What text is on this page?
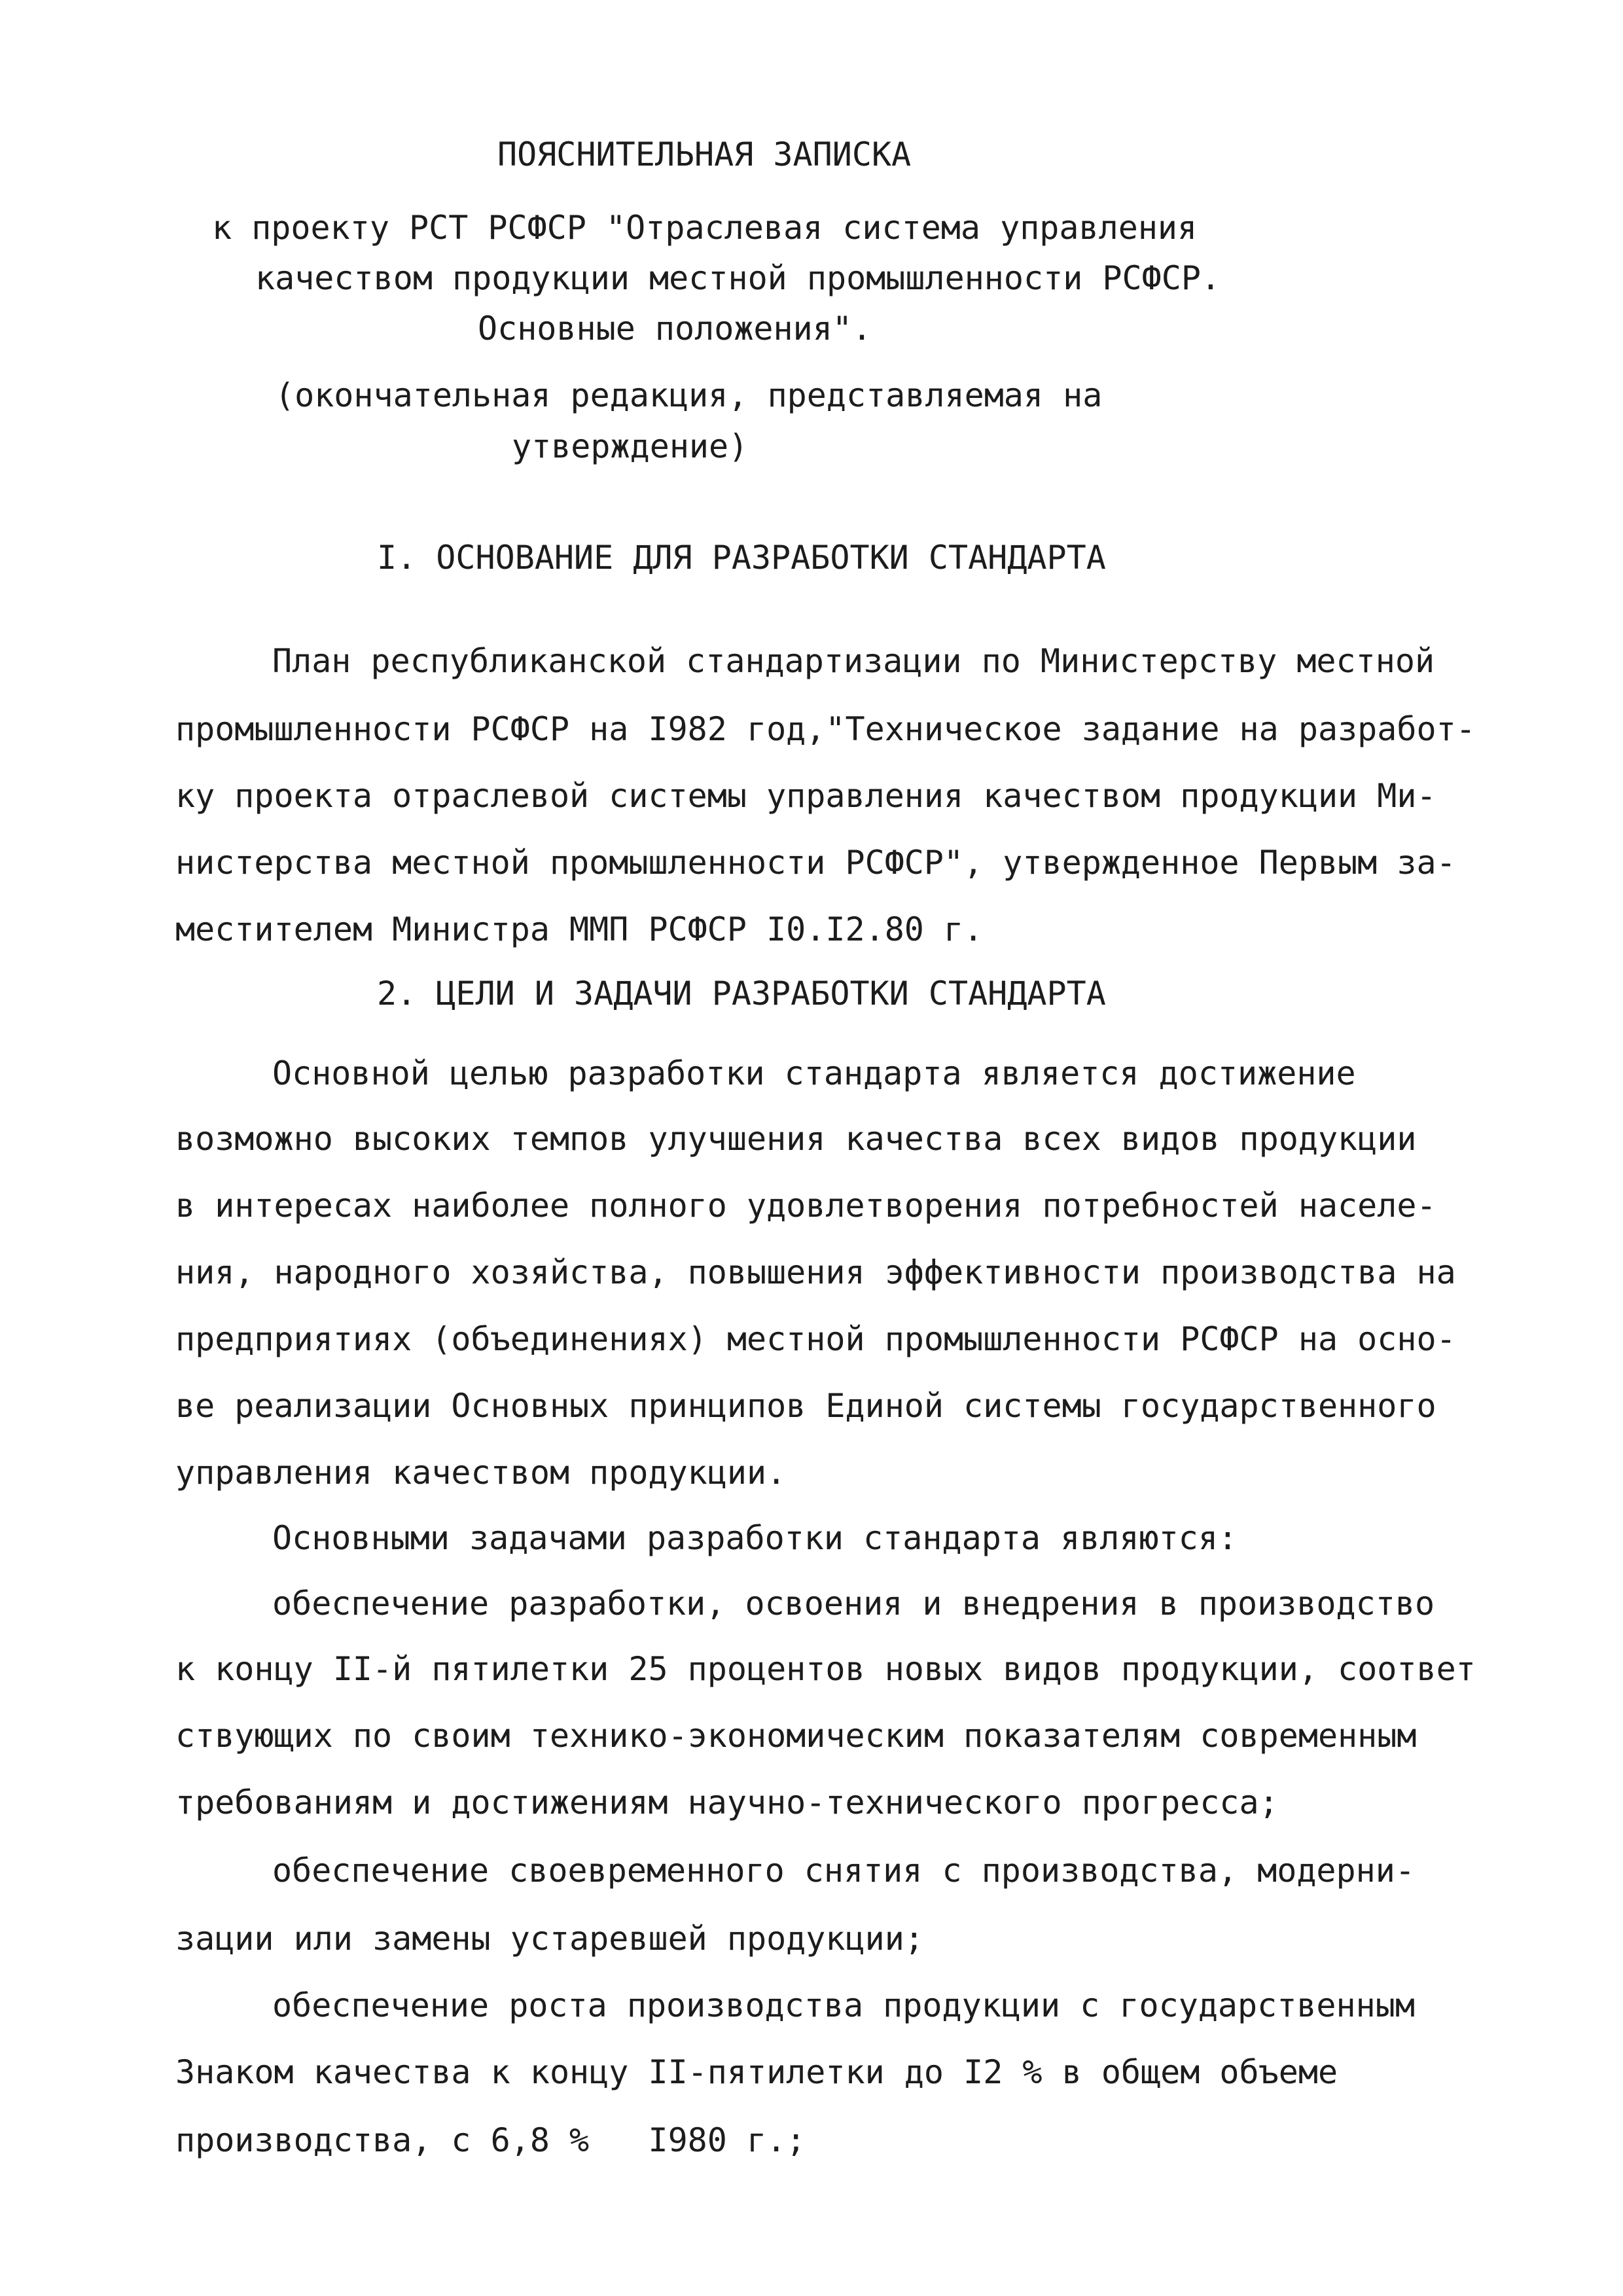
ПОЯСНИТЕЛЬНАЯ ЗАПИСКА
к проекту РСТ РСФСР "Отраслевая система управления
качеством продукции местной промышленности РСФСР.
Основные положения".
(окончательная редакция, представляемая на
утверждение)
I. ОСНОВАНИЕ ДЛЯ РАЗРАБОТКИ СТАНДАРТА
План республиканской стандартизации по Министерству местной
промышленности РСФСР на I982 год,"Техническое задание на разработ-
ку проекта отраслевой системы управления качеством продукции Ми-
нистерства местной промышленности РСФСР", утвержденное Первым за-
местителем Министра ММП РСФСР I0.I2.80 г.
2. ЦЕЛИ И ЗАДАЧИ РАЗРАБОТКИ СТАНДАРТА
Основной целью разработки стандарта является достижение
возможно высоких темпов улучшения качества всех видов продукции
в интересах наиболее полного удовлетворения потребностей населе-
ния, народного хозяйства, повышения эффективности производства на
предприятиях (объединениях) местной промышленности РСФСР на осно-
ве реализации Основных принципов Единой системы государственного
управления качеством продукции.
Основными задачами разработки стандарта являются:
обеспечение разработки, освоения и внедрения в производство
к концу II-й пятилетки 25 процентов новых видов продукции, соответ
ствующих по своим технико-экономическим показателям современным
требованиям и достижениям научно-технического прогресса;
обеспечение своевременного снятия с производства, модерни-
зации или замены устаревшей продукции;
обеспечение роста производства продукции с государственным
Знаком качества к концу II-пятилетки до I2 % в общем объеме
производства, с 6,8 %   I980 г.;
